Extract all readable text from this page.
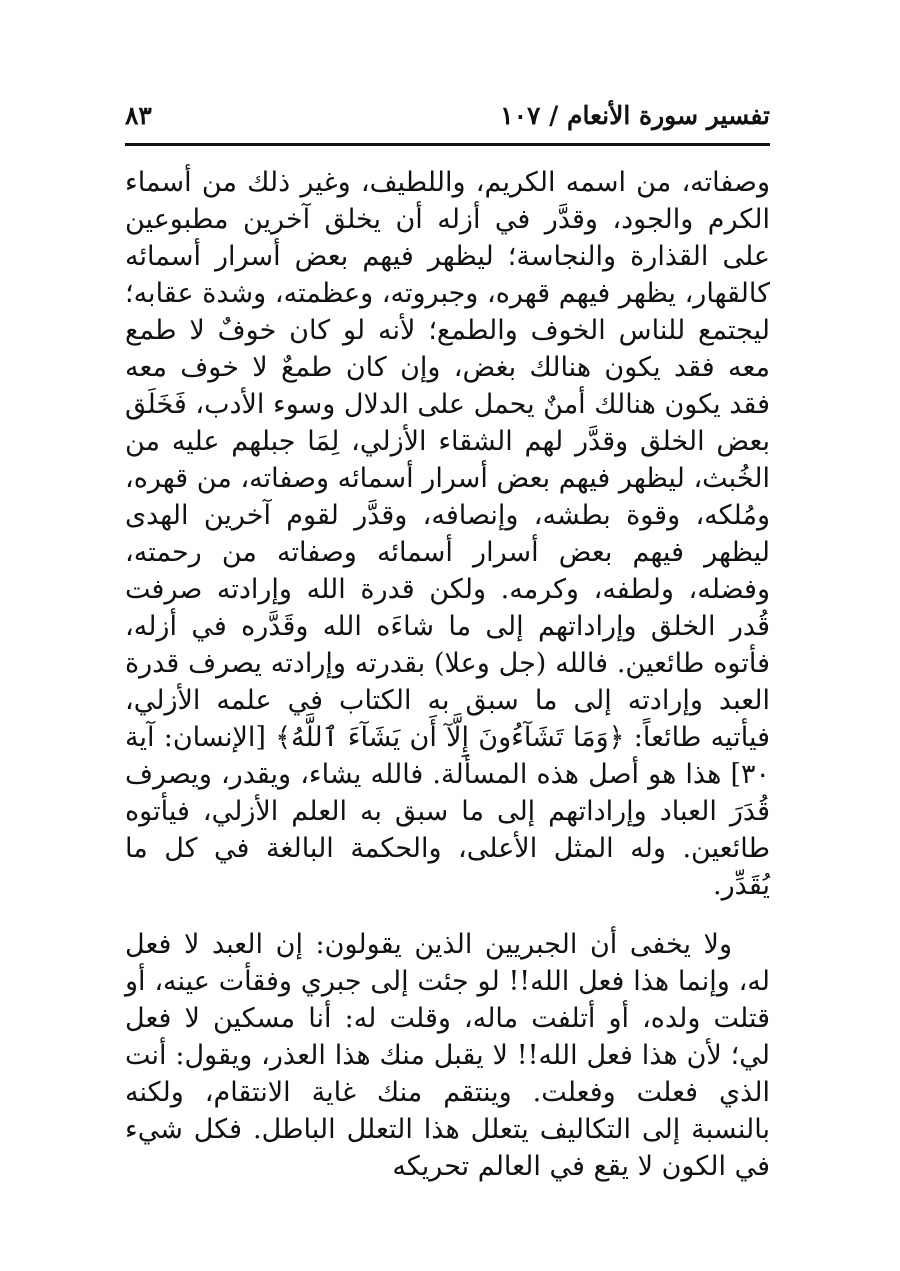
تفسير سورة الأنعام / ١٠٧
٨٣

وصفاته، من اسمه الكريم، واللطيف، وغير ذلك من أسماء الكرم والجود، وقدَّر في أزله أن يخلق آخرين مطبوعين على القذارة والنجاسة؛ ليظهر فيهم بعض أسرار أسمائه كالقهار، يظهر فيهم قهره، وجبروته، وعظمته، وشدة عقابه؛ ليجتمع للناس الخوف والطمع؛ لأنه لو كان خوفٌ لا طمع معه فقد يكون هنالك بغض، وإن كان طمعٌ لا خوف معه فقد يكون هنالك أمنٌ يحمل على الدلال وسوء الأدب، فَخَلَق بعض الخلق وقدَّر لهم الشقاء الأزلي، لِمَا جبلهم عليه من الخُبث، ليظهر فيهم بعض أسرار أسمائه وصفاته، من قهره، ومُلكه، وقوة بطشه، وإنصافه، وقدَّر لقوم آخرين الهدى ليظهر فيهم بعض أسرار أسمائه وصفاته من رحمته، وفضله، ولطفه، وكرمه. ولكن قدرة الله وإرادته صرفت قُدر الخلق وإراداتهم إلى ما شاءَه الله وقَدَّره في أزله، فأتوه طائعين. فالله (جل وعلا) بقدرته وإرادته يصرف قدرة العبد وإرادته إلى ما سبق به الكتاب في علمه الأزلي، فيأتيه طائعاً: ﴿وَمَا تَشَآءُونَ إِلَّآ أَن يَشَآءَ ٱللَّهُ﴾ [الإنسان: آية ٣٠] هذا هو أصل هذه المسألة. فالله يشاء، ويقدر، ويصرف قُدَرَ العباد وإراداتهم إلى ما سبق به العلم الأزلي، فيأتوه طائعين. وله المثل الأعلى، والحكمة البالغة في كل ما يُقَدِّر.

ولا يخفى أن الجبريين الذين يقولون: إن العبد لا فعل له، وإنما هذا فعل الله!! لو جئت إلى جبري وفقأت عينه، أو قتلت ولده، أو أتلفت ماله، وقلت له: أنا مسكين لا فعل لي؛ لأن هذا فعل الله!! لا يقبل منك هذا العذر، ويقول: أنت الذي فعلت وفعلت. وينتقم منك غاية الانتقام، ولكنه بالنسبة إلى التكاليف يتعلل هذا التعلل الباطل. فكل شيء في الكون لا يقع في العالم تحريكه
